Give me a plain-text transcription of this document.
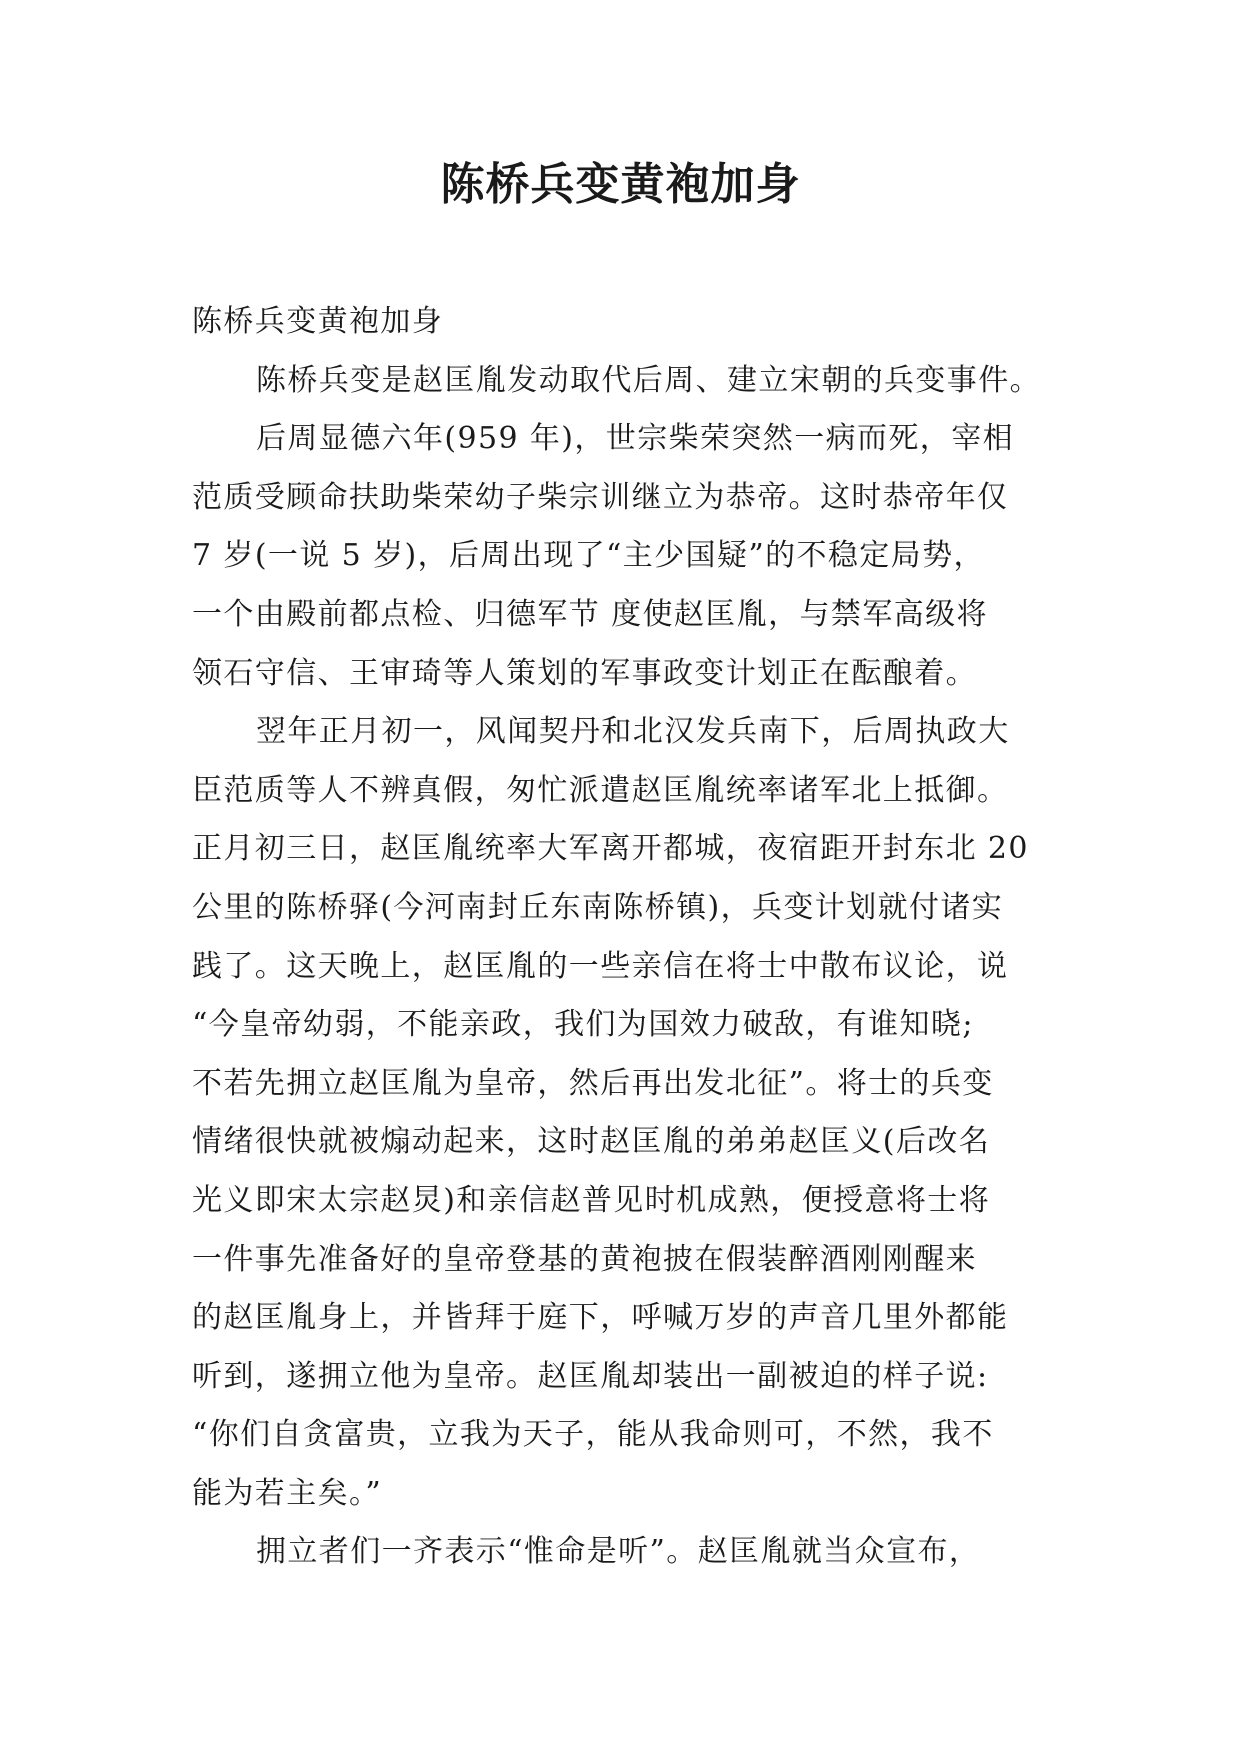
陈桥兵变黄袍加身

陈桥兵变黄袍加身

陈桥兵变是赵匡胤发动取代后周、建立宋朝的兵变事件。

后周显德六年(959 年)，世宗柴荣突然一病而死，宰相
范质受顾命扶助柴荣幼子柴宗训继立为恭帝。这时恭帝年仅
7 岁(一说 5 岁)，后周出现了“主少国疑”的不稳定局势，
一个由殿前都点检、归德军节 度使赵匡胤，与禁军高级将
领石守信、王审琦等人策划的军事政变计划正在酝酿着。

翌年正月初一，风闻契丹和北汉发兵南下，后周执政大
臣范质等人不辨真假，匆忙派遣赵匡胤统率诸军北上抵御。
正月初三日，赵匡胤统率大军离开都城，夜宿距开封东北 20
公里的陈桥驿(今河南封丘东南陈桥镇)，兵变计划就付诸实
践了。这天晚上，赵匡胤的一些亲信在将士中散布议论，说
“今皇帝幼弱，不能亲政，我们为国效力破敌，有谁知晓;
不若先拥立赵匡胤为皇帝，然后再出发北征”。将士的兵变
情绪很快就被煽动起来，这时赵匡胤的弟弟赵匡义(后改名
光义即宋太宗赵炅)和亲信赵普见时机成熟，便授意将士将
一件事先准备好的皇帝登基的黄袍披在假装醉酒刚刚醒来
的赵匡胤身上，并皆拜于庭下，呼喊万岁的声音几里外都能
听到，遂拥立他为皇帝。赵匡胤却装出一副被迫的样子说:
“你们自贪富贵，立我为天子，能从我命则可，不然，我不
能为若主矣。”

拥立者们一齐表示“惟命是听”。赵匡胤就当众宣布，
